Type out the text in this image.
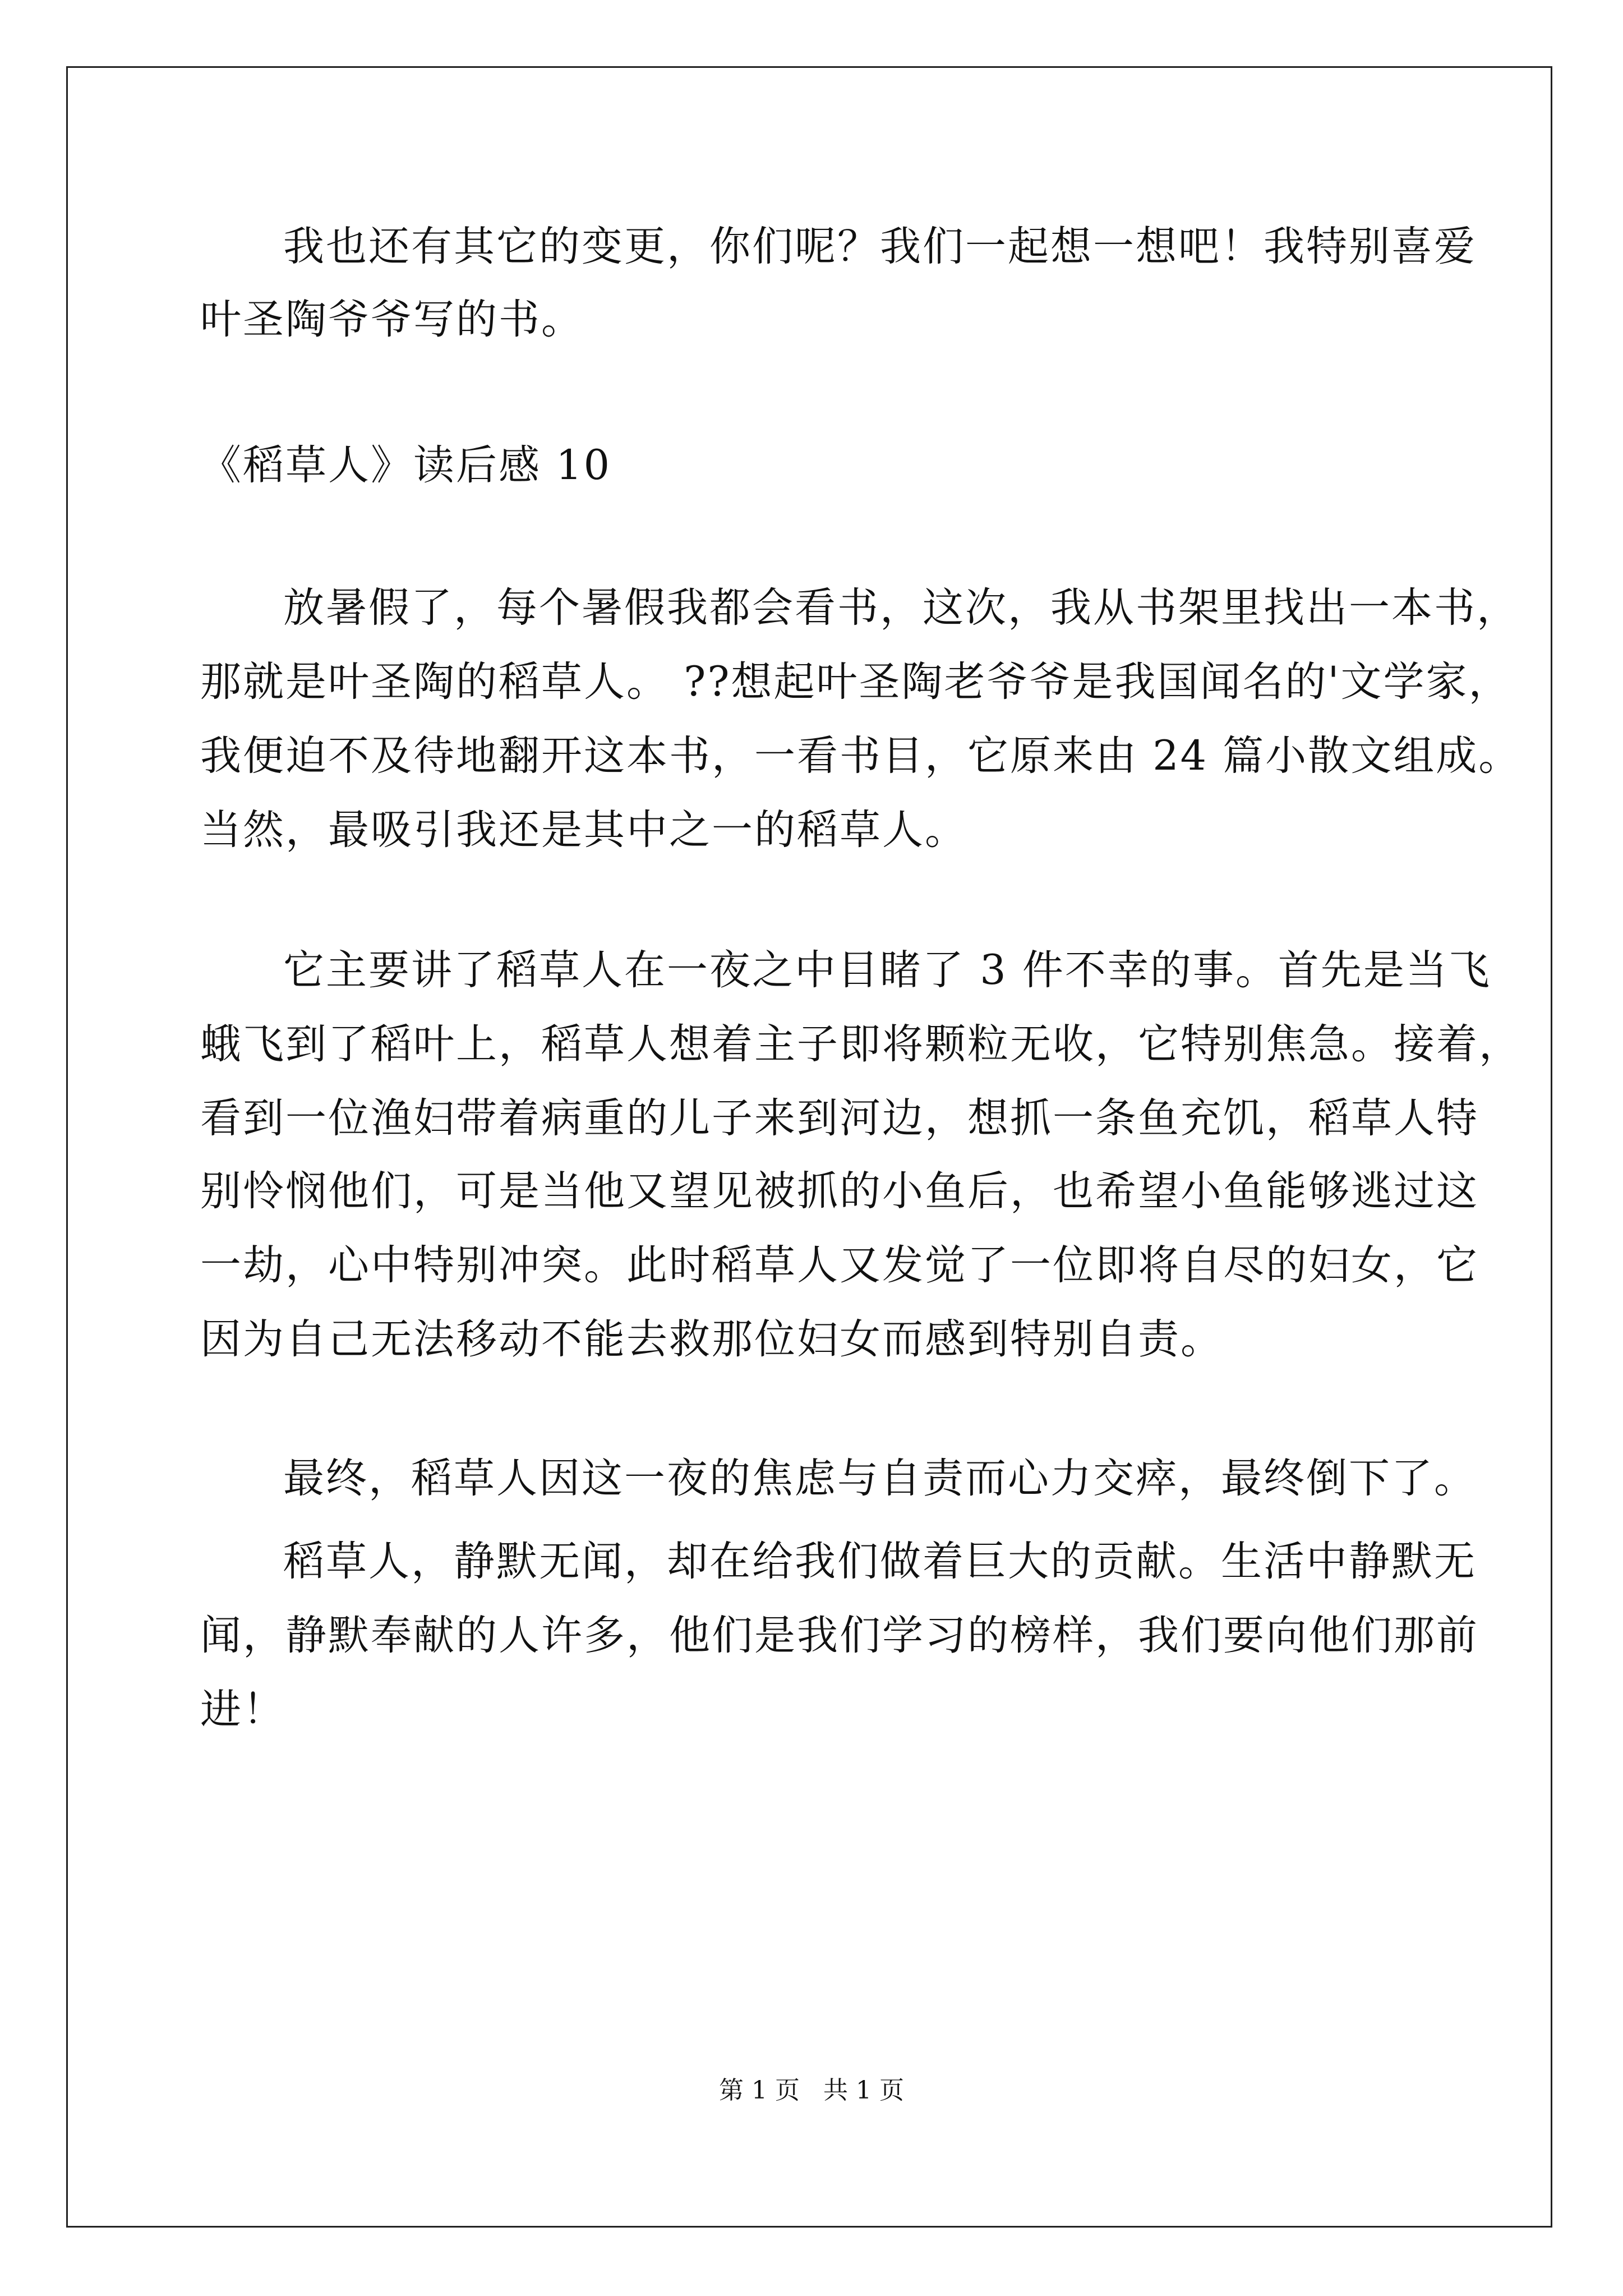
我也还有其它的变更，你们呢？我们一起想一想吧！我特别喜爱

叶圣陶爷爷写的书。

《稻草人》读后感 10

放暑假了，每个暑假我都会看书，这次，我从书架里找出一本书，

那就是叶圣陶的稻草人。 ??想起叶圣陶老爷爷是我国闻名的'文学家，

我便迫不及待地翻开这本书，一看书目，它原来由 24 篇小散文组成。

当然，最吸引我还是其中之一的稻草人。

它主要讲了稻草人在一夜之中目睹了 3 件不幸的事。首先是当飞

蛾飞到了稻叶上，稻草人想着主子即将颗粒无收，它特别焦急。接着，

看到一位渔妇带着病重的儿子来到河边，想抓一条鱼充饥，稻草人特

别怜悯他们，可是当他又望见被抓的小鱼后，也希望小鱼能够逃过这

一劫，心中特别冲突。此时稻草人又发觉了一位即将自尽的妇女，它

因为自己无法移动不能去救那位妇女而感到特别自责。

最终，稻草人因这一夜的焦虑与自责而心力交瘁，最终倒下了。

稻草人，静默无闻，却在给我们做着巨大的贡献。生活中静默无

闻，静默奉献的人许多，他们是我们学习的榜样，我们要向他们那前

进！

第 1 页   共 1 页
